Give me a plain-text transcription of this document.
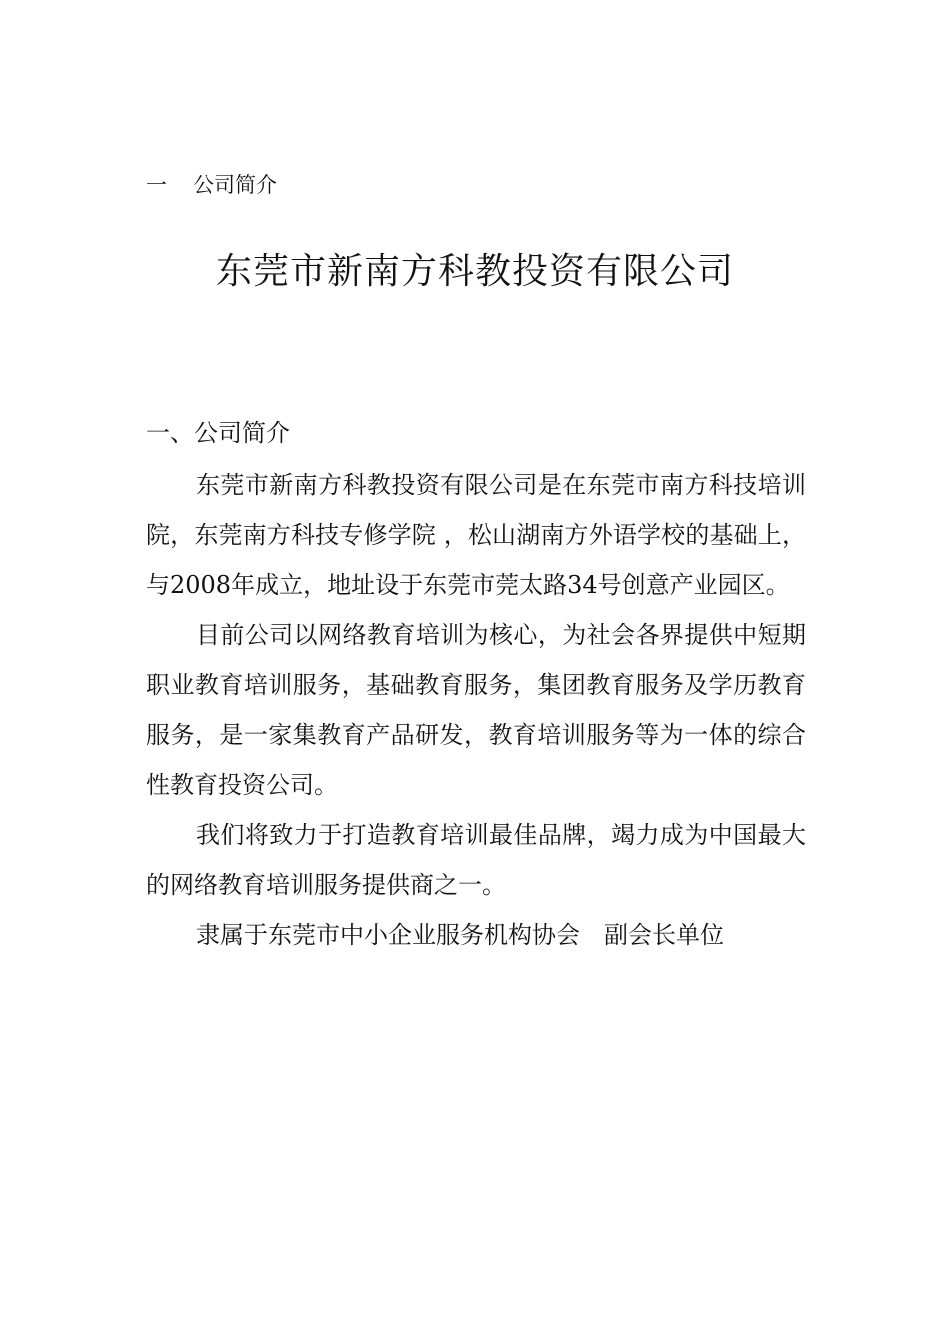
一 公司简介
东莞市新南方科教投资有限公司
一、公司简介

东莞市新南方科教投资有限公司是在东莞市南方科技培训院，东莞南方科技专修学院 ，松山湖南方外语学校的基础上，与2008年成立，地址设于东莞市莞太路34号创意产业园区。

目前公司以网络教育培训为核心，为社会各界提供中短期职业教育培训服务，基础教育服务，集团教育服务及学历教育服务，是一家集教育产品研发，教育培训服务等为一体的综合性教育投资公司。

我们将致力于打造教育培训最佳品牌，竭力成为中国最大的网络教育培训服务提供商之一。

隶属于东莞市中小企业服务机构协会　副会长单位
